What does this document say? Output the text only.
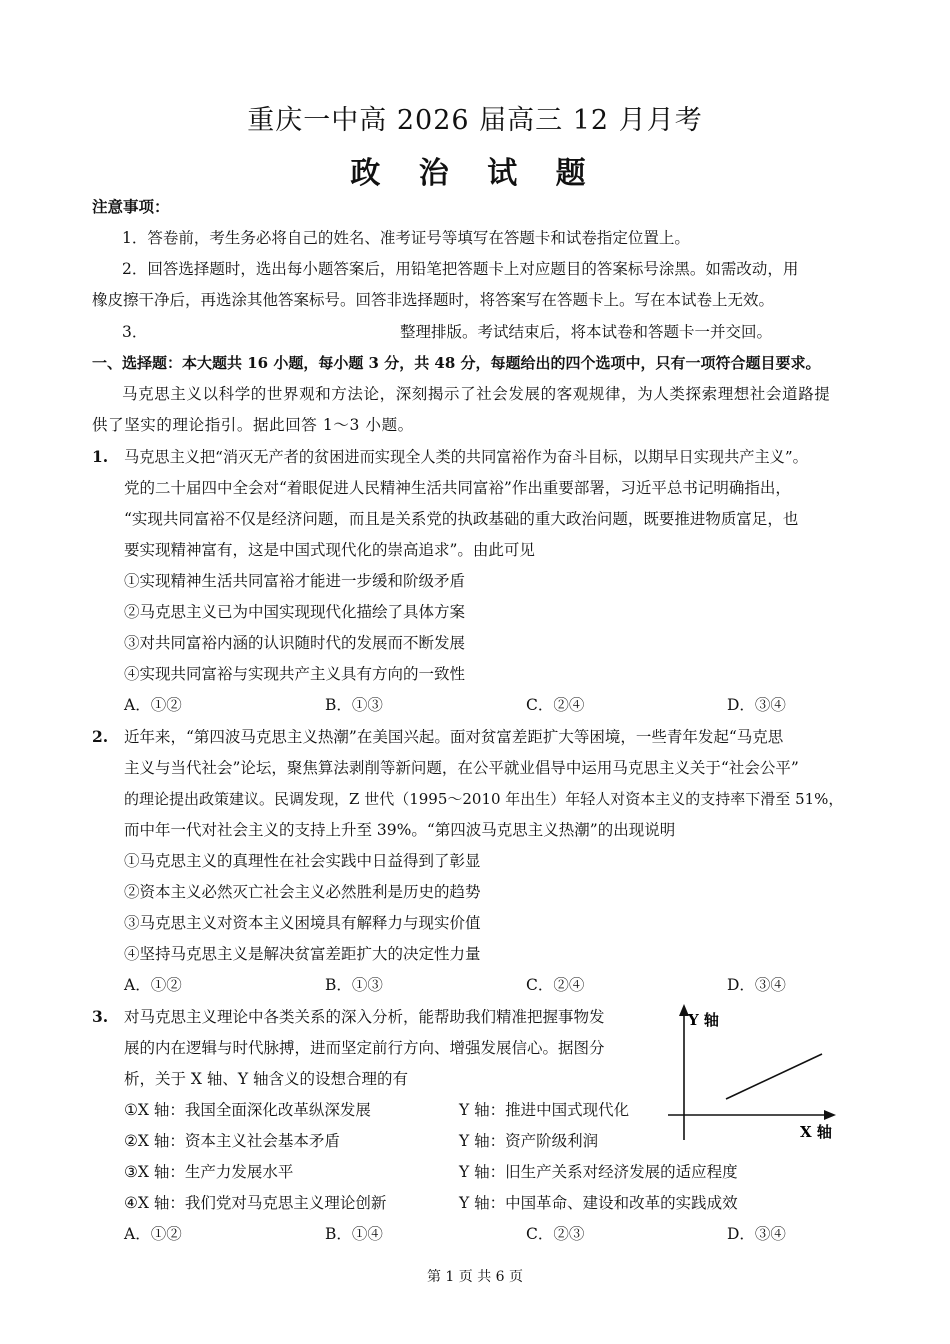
重庆一中高 2026 届高三 12 月月考
政 治 试 题
注意事项：
1．答卷前，考生务必将自己的姓名、准考证号等填写在答题卡和试卷指定位置上。
2．回答选择题时，选出每小题答案后，用铅笔把答题卡上对应题目的答案标号涂黑。如需改动，用
橡皮擦干净后，再选涂其他答案标号。回答非选择题时，将答案写在答题卡上。写在本试卷上无效。
3．	整理排版。考试结束后，将本试卷和答题卡一并交回。
一、选择题：本大题共 16 小题，每小题 3 分，共 48 分，每题给出的四个选项中，只有一项符合题目要求。
马克思主义以科学的世界观和方法论，深刻揭示了社会发展的客观规律，为人类探索理想社会道路提
供了坚实的理论指引。据此回答 1～3 小题。
1. 马克思主义把“消灭无产者的贫困进而实现全人类的共同富裕作为奋斗目标，以期早日实现共产主义”。
党的二十届四中全会对“着眼促进人民精神生活共同富裕”作出重要部署，习近平总书记明确指出，
“实现共同富裕不仅是经济问题，而且是关系党的执政基础的重大政治问题，既要推进物质富足，也
要实现精神富有，这是中国式现代化的崇高追求”。由此可见
①实现精神生活共同富裕才能进一步缓和阶级矛盾
②马克思主义已为中国实现现代化描绘了具体方案
③对共同富裕内涵的认识随时代的发展而不断发展
④实现共同富裕与实现共产主义具有方向的一致性
A．①②	B．①③	C．②④	D．③④
2. 近年来，“第四波马克思主义热潮”在美国兴起。面对贫富差距扩大等困境，一些青年发起“马克思
主义与当代社会”论坛，聚焦算法剥削等新问题，在公平就业倡导中运用马克思主义关于“社会公平”
的理论提出政策建议。民调发现，Z 世代（1995～2010 年出生）年轻人对资本主义的支持率下滑至 51%，
而中年一代对社会主义的支持上升至 39%。“第四波马克思主义热潮”的出现说明
①马克思主义的真理性在社会实践中日益得到了彰显
②资本主义必然灭亡社会主义必然胜利是历史的趋势
③马克思主义对资本主义困境具有解释力与现实价值
④坚持马克思主义是解决贫富差距扩大的决定性力量
A．①②	B．①③	C．②④	D．③④
3. 对马克思主义理论中各类关系的深入分析，能帮助我们精准把握事物发
展的内在逻辑与时代脉搏，进而坚定前行方向、增强发展信心。据图分
析，关于 X 轴、Y 轴含义的设想合理的有
①X 轴：我国全面深化改革纵深发展	Y 轴：推进中国式现代化
②X 轴：资本主义社会基本矛盾	Y 轴：资产阶级利润
③X 轴：生产力发展水平	Y 轴：旧生产关系对经济发展的适应程度
④X 轴：我们党对马克思主义理论创新	Y 轴：中国革命、建设和改革的实践成效
A．①②	B．①④	C．②③	D．③④
Y 轴
X 轴
第 1 页 共 6 页
